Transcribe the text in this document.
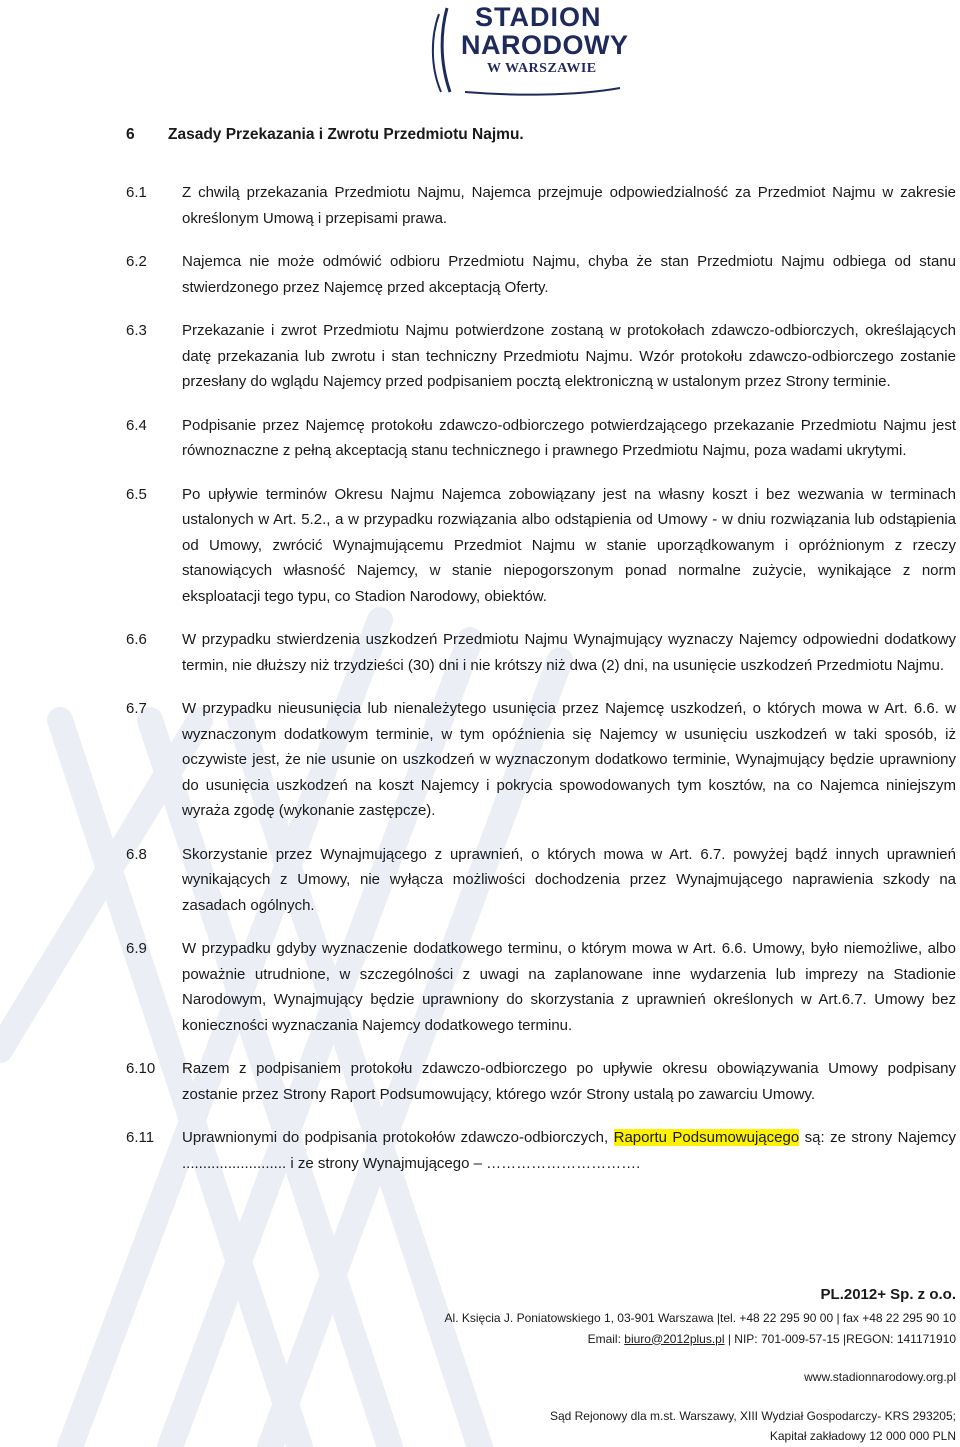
STADION
NARODOWY
W WARSZAWIE
6 Zasady Przekazania i Zwrotu Przedmiotu Najmu.
6.1	Z chwilą przekazania Przedmiotu Najmu, Najemca przejmuje odpowiedzialność za Przedmiot Najmu w zakresie określonym Umową i przepisami prawa.
6.2	Najemca nie może odmówić odbioru Przedmiotu Najmu, chyba że stan Przedmiotu Najmu odbiega od stanu stwierdzonego przez Najemcę przed akceptacją Oferty.
6.3	Przekazanie i zwrot Przedmiotu Najmu potwierdzone zostaną w protokołach zdawczo-odbiorczych, określających datę przekazania lub zwrotu i stan techniczny Przedmiotu Najmu. Wzór protokołu zdawczo-odbiorczego zostanie przesłany do wglądu Najemcy przed podpisaniem pocztą elektroniczną w ustalonym przez Strony terminie.
6.4	Podpisanie przez Najemcę protokołu zdawczo-odbiorczego potwierdzającego przekazanie Przedmiotu Najmu jest równoznaczne z pełną akceptacją stanu technicznego i prawnego Przedmiotu Najmu, poza wadami ukrytymi.
6.5	Po upływie terminów Okresu Najmu Najemca zobowiązany jest na własny koszt i bez wezwania w terminach ustalonych w Art. 5.2., a w przypadku rozwiązania albo odstąpienia od Umowy - w dniu rozwiązania lub odstąpienia od Umowy, zwrócić Wynajmującemu Przedmiot Najmu w stanie uporządkowanym i opróżnionym z rzeczy stanowiących własność Najemcy, w stanie niepogorszonym ponad normalne zużycie, wynikające z norm eksploatacji tego typu, co Stadion Narodowy, obiektów.
6.6	W przypadku stwierdzenia uszkodzeń Przedmiotu Najmu Wynajmujący wyznaczy Najemcy odpowiedni dodatkowy termin, nie dłuższy niż trzydzieści (30) dni i nie krótszy niż dwa (2) dni, na usunięcie uszkodzeń Przedmiotu Najmu.
6.7	W przypadku nieusunięcia lub nienależytego usunięcia przez Najemcę uszkodzeń, o których mowa w Art. 6.6. w wyznaczonym dodatkowym terminie, w tym opóźnienia się Najemcy w usunięciu uszkodzeń w taki sposób, iż oczywiste jest, że nie usunie on uszkodzeń w wyznaczonym dodatkowo terminie, Wynajmujący będzie uprawniony do usunięcia uszkodzeń na koszt Najemcy i pokrycia spowodowanych tym kosztów, na co Najemca niniejszym wyraża zgodę (wykonanie zastępcze).
6.8	Skorzystanie przez Wynajmującego z uprawnień, o których mowa w Art. 6.7. powyżej bądź innych uprawnień wynikających z Umowy, nie wyłącza możliwości dochodzenia przez Wynajmującego naprawienia szkody na zasadach ogólnych.
6.9	W przypadku gdyby wyznaczenie dodatkowego terminu, o którym mowa w Art. 6.6. Umowy, było niemożliwe, albo poważnie utrudnione, w szczególności z uwagi na zaplanowane inne wydarzenia lub imprezy na Stadionie Narodowym, Wynajmujący będzie uprawniony do skorzystania z uprawnień określonych w Art.6.7. Umowy bez konieczności wyznaczania Najemcy dodatkowego terminu.
6.10	Razem z podpisaniem protokołu zdawczo-odbiorczego po upływie okresu obowiązywania Umowy podpisany zostanie przez Strony Raport Podsumowujący, którego wzór Strony ustalą po zawarciu Umowy.
6.11	Uprawnionymi do podpisania protokołów zdawczo-odbiorczych, Raportu Podsumowującego są: ze strony Najemcy ......................... i ze strony Wynajmującego – ………………………….
PL.2012+ Sp. z o.o.
Al. Księcia J. Poniatowskiego 1, 03-901 Warszawa |tel. +48 22 295 90 00 | fax +48 22 295 90 10
Email: biuro@2012plus.pl | NIP: 701-009-57-15 |REGON: 141171910
www.stadionnarodowy.org.pl
Sąd Rejonowy dla m.st. Warszawy, XIII Wydział Gospodarczy- KRS 293205;
Kapitał zakładowy 12 000 000 PLN
